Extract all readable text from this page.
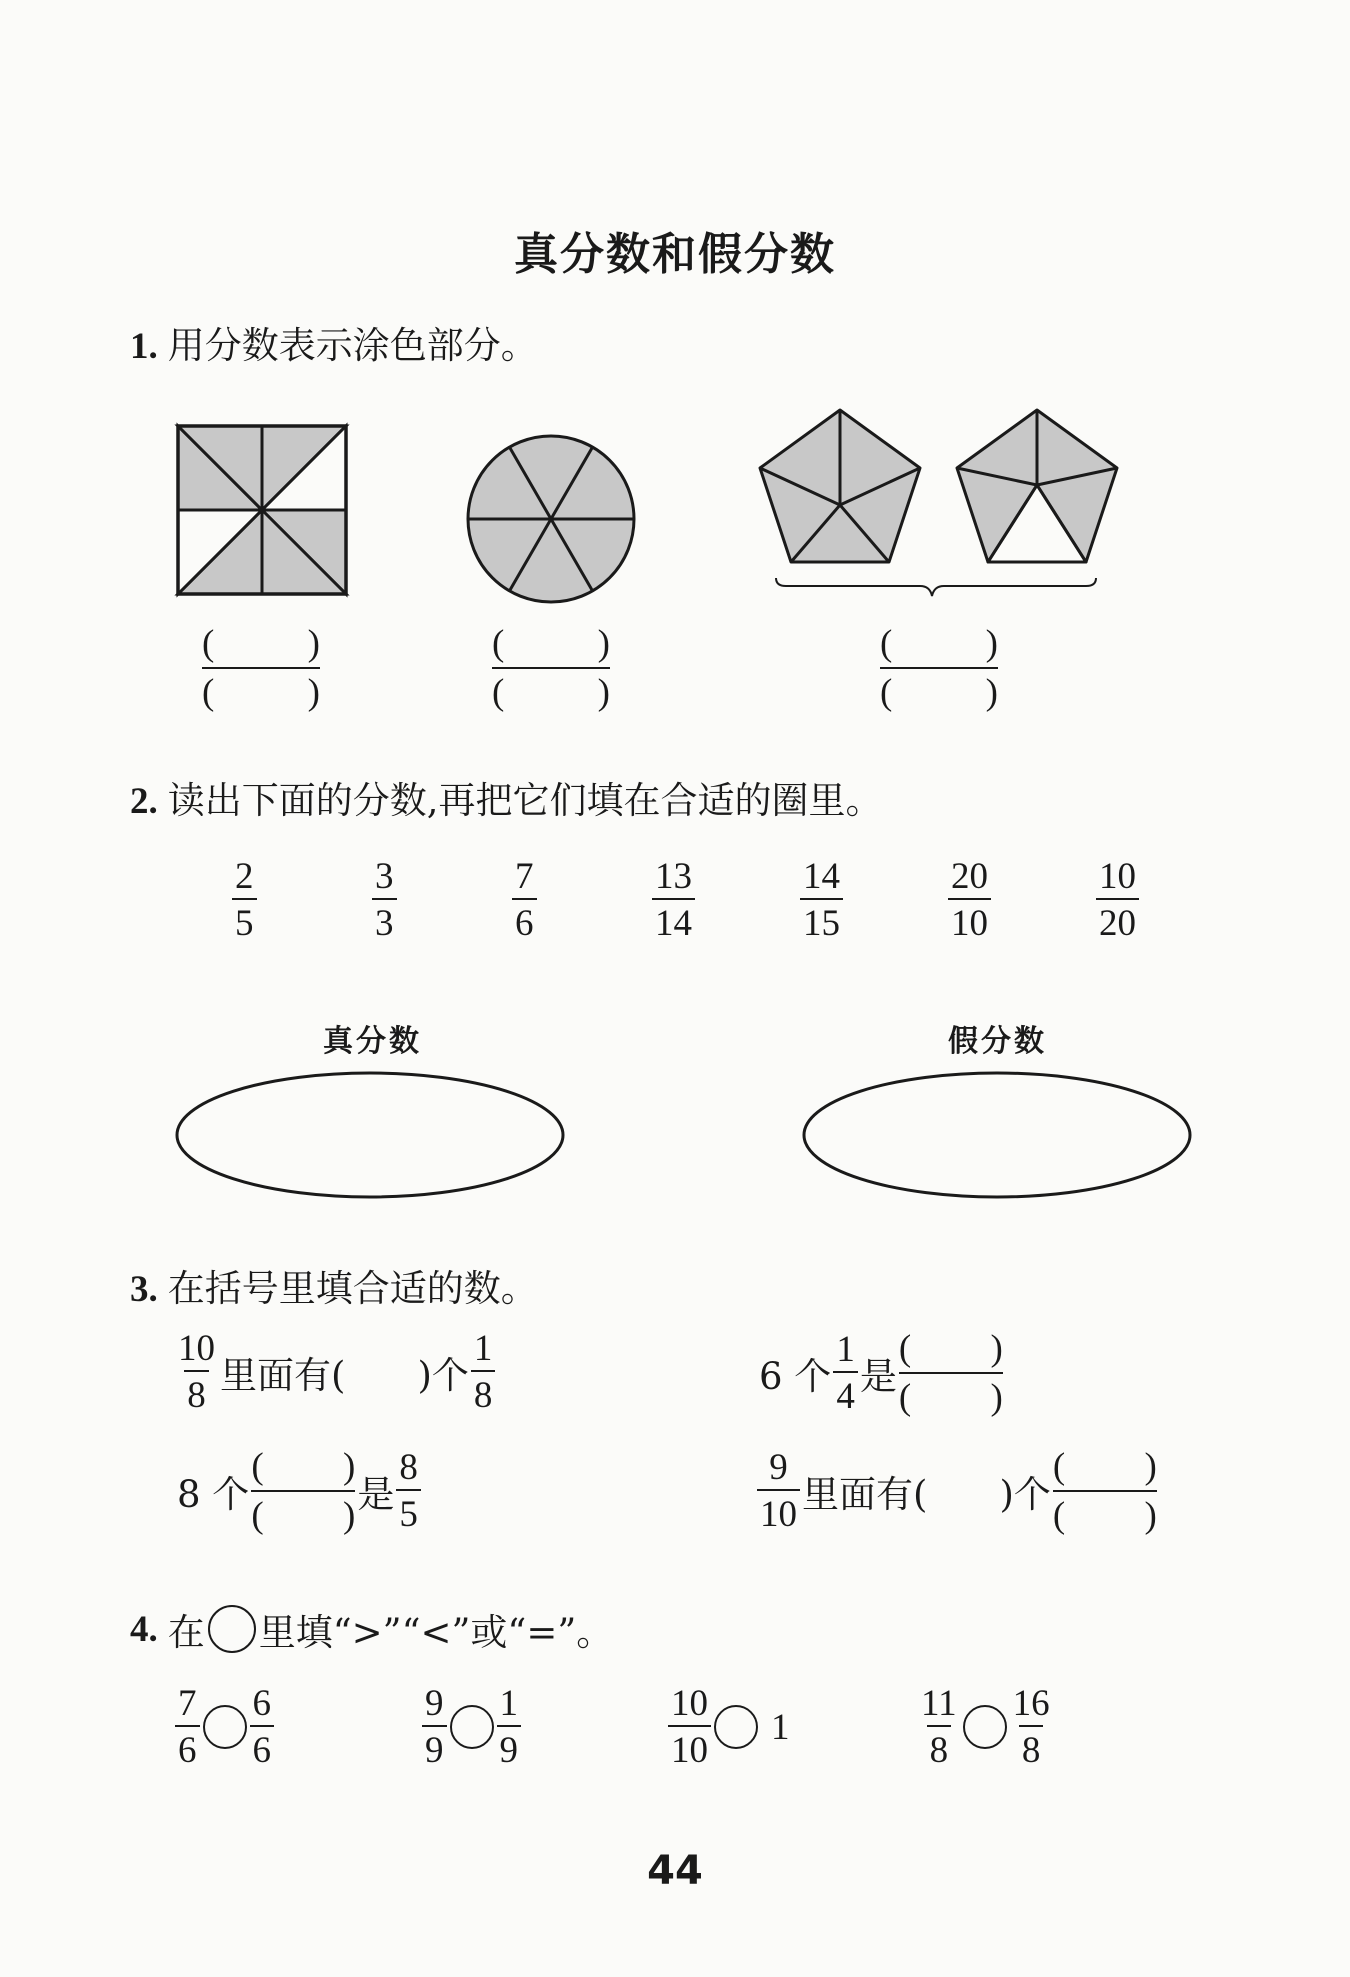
真分数和假分数
1. 用分数表示涂色部分。
(	)
(	)
(	)
(	)
(	)
(	)
2. 读出下面的分数,再把它们填在合适的圈里。
$\frac{2}{5}$	$\frac{3}{3}$	$\frac{7}{6}$	$\frac{13}{14}$	$\frac{14}{15}$	$\frac{20}{10}$	$\frac{10}{20}$
真分数	假分数
3. 在括号里填合适的数。
$\frac{10}{8}$ 里面有( )个 $\frac{1}{8}$	6 个 $\frac{1}{4}$ 是 $\frac{( )}{( )}$
8 个 $\frac{( )}{( )}$ 是 $\frac{8}{5}$	$\frac{9}{10}$ 里面有( )个 $\frac{( )}{( )}$
4. 在 里填“>”“<”或“=”。
$\frac{7}{6} \frac{6}{6}$	$\frac{9}{9} \frac{1}{9}$	$\frac{10}{10} 1$	$\frac{11}{8} \frac{16}{8}$
44
